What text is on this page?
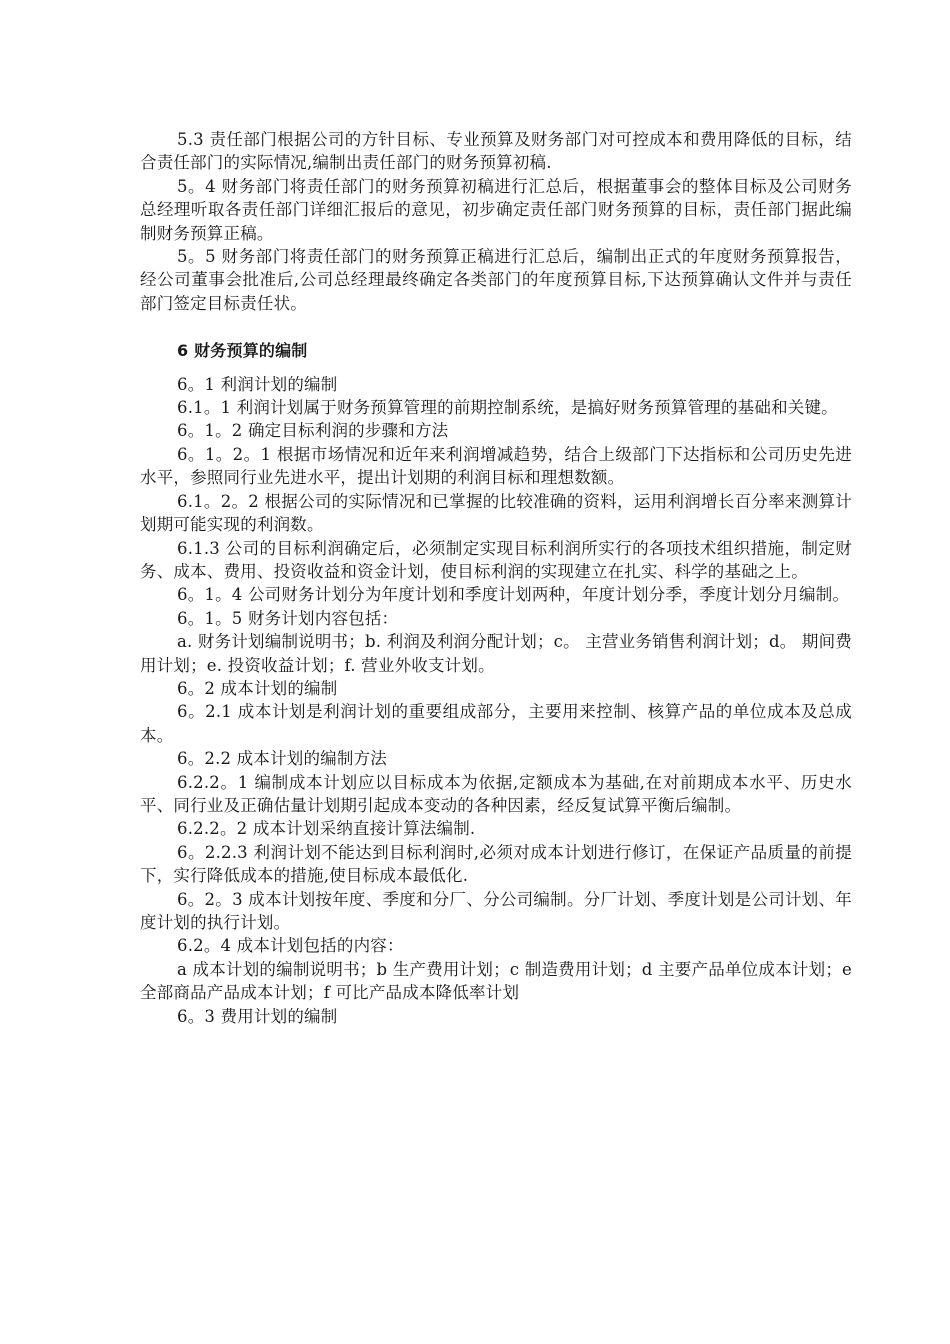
5.3 责任部门根据公司的方针目标、专业预算及财务部门对可控成本和费用降低的目标，结合责任部门的实际情况,编制出责任部门的财务预算初稿.

5。4 财务部门将责任部门的财务预算初稿进行汇总后，根据董事会的整体目标及公司财务总经理听取各责任部门详细汇报后的意见，初步确定责任部门财务预算的目标，责任部门据此编制财务预算正稿。

5。5 财务部门将责任部门的财务预算正稿进行汇总后，编制出正式的年度财务预算报告，经公司董事会批准后,公司总经理最终确定各类部门的年度预算目标,下达预算确认文件并与责任部门签定目标责任状。

6 财务预算的编制

6。1 利润计划的编制

6.1。1 利润计划属于财务预算管理的前期控制系统，是搞好财务预算管理的基础和关键。

6。1。2 确定目标利润的步骤和方法

6。1。2。1 根据市场情况和近年来利润增减趋势，结合上级部门下达指标和公司历史先进水平，参照同行业先进水平，提出计划期的利润目标和理想数额。

6.1。2。2 根据公司的实际情况和已掌握的比较准确的资料，运用利润增长百分率来测算计划期可能实现的利润数。

6.1.3 公司的目标利润确定后，必须制定实现目标利润所实行的各项技术组织措施，制定财务、成本、费用、投资收益和资金计划，使目标利润的实现建立在扎实、科学的基础之上。

6。1。4 公司财务计划分为年度计划和季度计划两种，年度计划分季，季度计划分月编制。

6。1。5 财务计划内容包括：

a. 财务计划编制说明书；b. 利润及利润分配计划；c。 主营业务销售利润计划；d。 期间费用计划；e. 投资收益计划；f. 营业外收支计划。

6。2 成本计划的编制

6。2.1 成本计划是利润计划的重要组成部分，主要用来控制、核算产品的单位成本及总成本。

6。2.2 成本计划的编制方法

6.2.2。1 编制成本计划应以目标成本为依据,定额成本为基础,在对前期成本水平、历史水平、同行业及正确估量计划期引起成本变动的各种因素，经反复试算平衡后编制。

6.2.2。2 成本计划采纳直接计算法编制.

6。2.2.3 利润计划不能达到目标利润时,必须对成本计划进行修订，在保证产品质量的前提下，实行降低成本的措施,使目标成本最低化.

6。2。3 成本计划按年度、季度和分厂、分公司编制。分厂计划、季度计划是公司计划、年度计划的执行计划。

6.2。4 成本计划包括的内容：

a 成本计划的编制说明书；b 生产费用计划；c 制造费用计划；d 主要产品单位成本计划；e 全部商品产品成本计划；f 可比产品成本降低率计划

6。3 费用计划的编制
